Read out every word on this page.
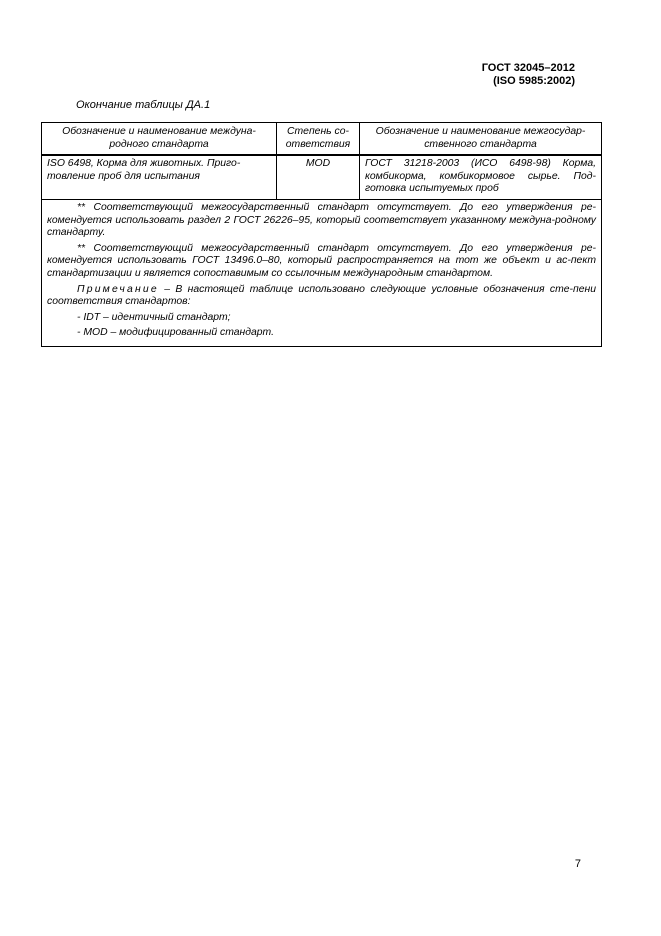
ГОСТ 32045–2012
(ISO 5985:2002)
Окончание таблицы ДА.1
Обозначение и наименование междуна-родного стандарта	Степень со-ответствия	Обозначение и наименование межгосудар-ственного стандарта
ISO 6498, Корма для животных. Приго-товление проб для испытания	MOD	ГОСТ 31218-2003 (ИСО 6498-98) Корма, комбикорма, комбикормовое сырье. Под-готовка испытуемых проб

** Соответствующий межгосударственный стандарт отсутствует. До его утверждения ре-комендуется использовать раздел 2 ГОСТ 26226–95, который соответствует указанному междуна-родному стандарту.

** Соответствующий межгосударственный стандарт отсутствует. До его утверждения ре-комендуется использовать ГОСТ 13496.0–80, который распространяется на тот же объект и ас-пект стандартизации и является сопоставимым со ссылочным международным стандартом.

Примечание – В настоящей таблице использовано следующие условные обозначения сте-пени соответствия стандартов:

- IDT – идентичный стандарт;

- MOD – модифицированный стандарт.		

7
